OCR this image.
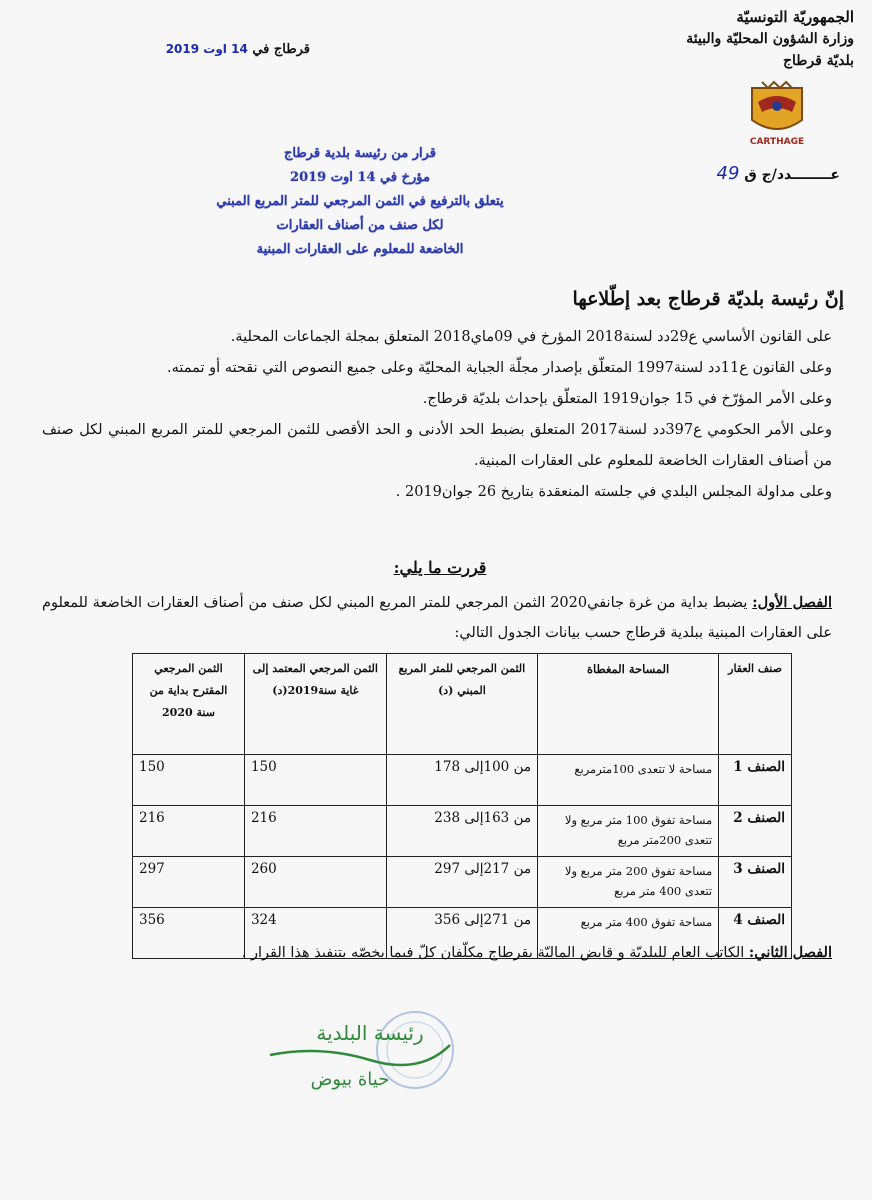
الجمهوريّة التونسيّة
وزارة الشؤون المحليّة والبيئة
بلديّة قرطاج
CARTHAGE
قرطاج في 14 اوت 2019
قرار من رئيسة بلدية قرطاج
مؤرخ في 14 اوت 2019
يتعلق بالترفيع في الثمن المرجعي للمتر المربع المبني
لكل صنف من أصناف العقارات
الخاضعة للمعلوم على العقارات المبنية
عــــــــدد/ج ق 49
إنّ رئيسة بلديّة قرطاج بعد إطّلاعها

على القانون الأساسي ع29دد لسنة2018 المؤرخ في 09ماي2018 المتعلق بمجلة الجماعات المحلية.

وعلى القانون ع11دد لسنة1997 المتعلّق بإصدار مجلّة الجباية المحليّة وعلى جميع النصوص التي نقحته أو تممته.

وعلى الأمر المؤرّخ في 15 جوان1919 المتعلّق بإحداث بلديّة قرطاج.

وعلى الأمر الحكومي ع397دد لسنة2017 المتعلق بضبط الحد الأدنى و الحد الأقصى للثمن المرجعي للمتر المربع المبني لكل صنف من أصناف العقارات الخاضعة للمعلوم على العقارات المبنية.

وعلى مداولة المجلس البلدي في جلسته المنعقدة بتاريخ 26 جوان2019 .

قررت ما يلي:
الفصل الأول: يضبط بداية من غرة جانفي2020 الثمن المرجعي للمتر المربع المبني لكل صنف من أصناف العقارات الخاضعة للمعلوم على العقارات المبنية ببلدية قرطاج حسب بيانات الجدول التالي:
صنف العقار	المساحة المغطاة	الثمن المرجعي للمتر المربع المبني (د)	الثمن المرجعي المعتمد إلى غاية سنة2019(د)	الثمن المرجعي المقترح بداية من سنة 2020
الصنف 1	مساحة لا تتعدى 100مترمربع	من 100إلى 178	150	150
الصنف 2	مساحة تفوق 100 متر مربع ولا تتعدى 200متر مربع	من 163إلى 238	216	216
الصنف 3	مساحة تفوق 200 متر مربع ولا تتعدى 400 متر مربع	من 217إلى 297	260	297
الصنف 4	مساحة تفوق 400 متر مربع	من 271إلى 356	324	356
الفصل الثاني: الكاتب العام للبلديّة و قابض الماليّة بقرطاج مكلّفان كلّ فيما يخصّه بتنفيذ هذا القرار .
رئيسة البلدية
حياة بيوض
